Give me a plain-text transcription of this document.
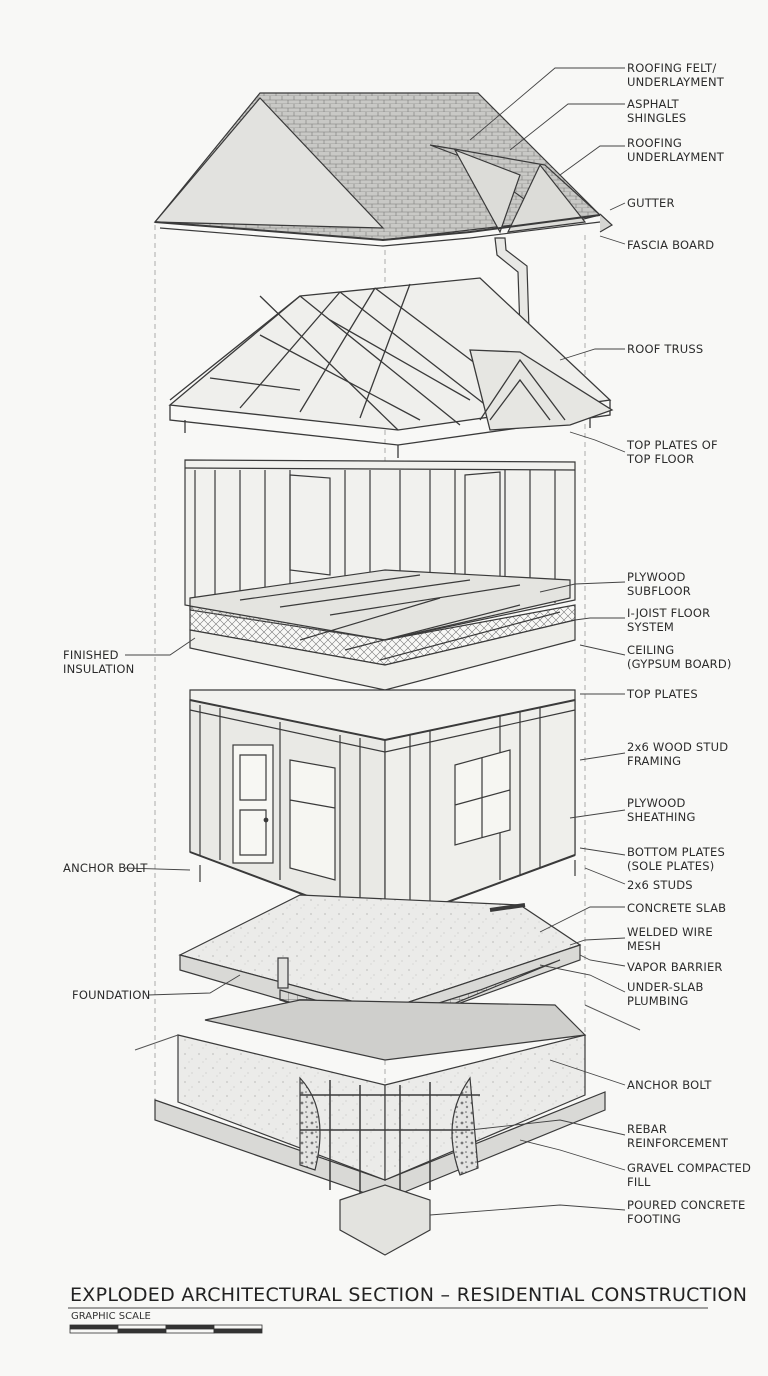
ROOFING FELT/
UNDERLAYMENT
ASPHALT
SHINGLES
ROOFING
UNDERLAYMENT
GUTTER
FASCIA BOARD
ROOF TRUSS
TOP PLATES OF
TOP FLOOR
PLYWOOD
SUBFLOOR
I-JOIST FLOOR
SYSTEM
CEILING
(GYPSUM BOARD)
FINISHED
INSULATION
TOP PLATES
2x6 WOOD STUD
FRAMING
PLYWOOD
SHEATHING
BOTTOM PLATES
(SOLE PLATES)
ANCHOR BOLT
2x6 STUDS
CONCRETE SLAB
WELDED WIRE
MESH
VAPOR BARRIER
FOUNDATION
UNDER-SLAB
PLUMBING
ANCHOR BOLT
REBAR
REINFORCEMENT
GRAVEL COMPACTED
FILL
POURED CONCRETE
FOOTING
EXPLODED ARCHITECTURAL SECTION – RESIDENTIAL CONSTRUCTION
GRAPHIC SCALE
